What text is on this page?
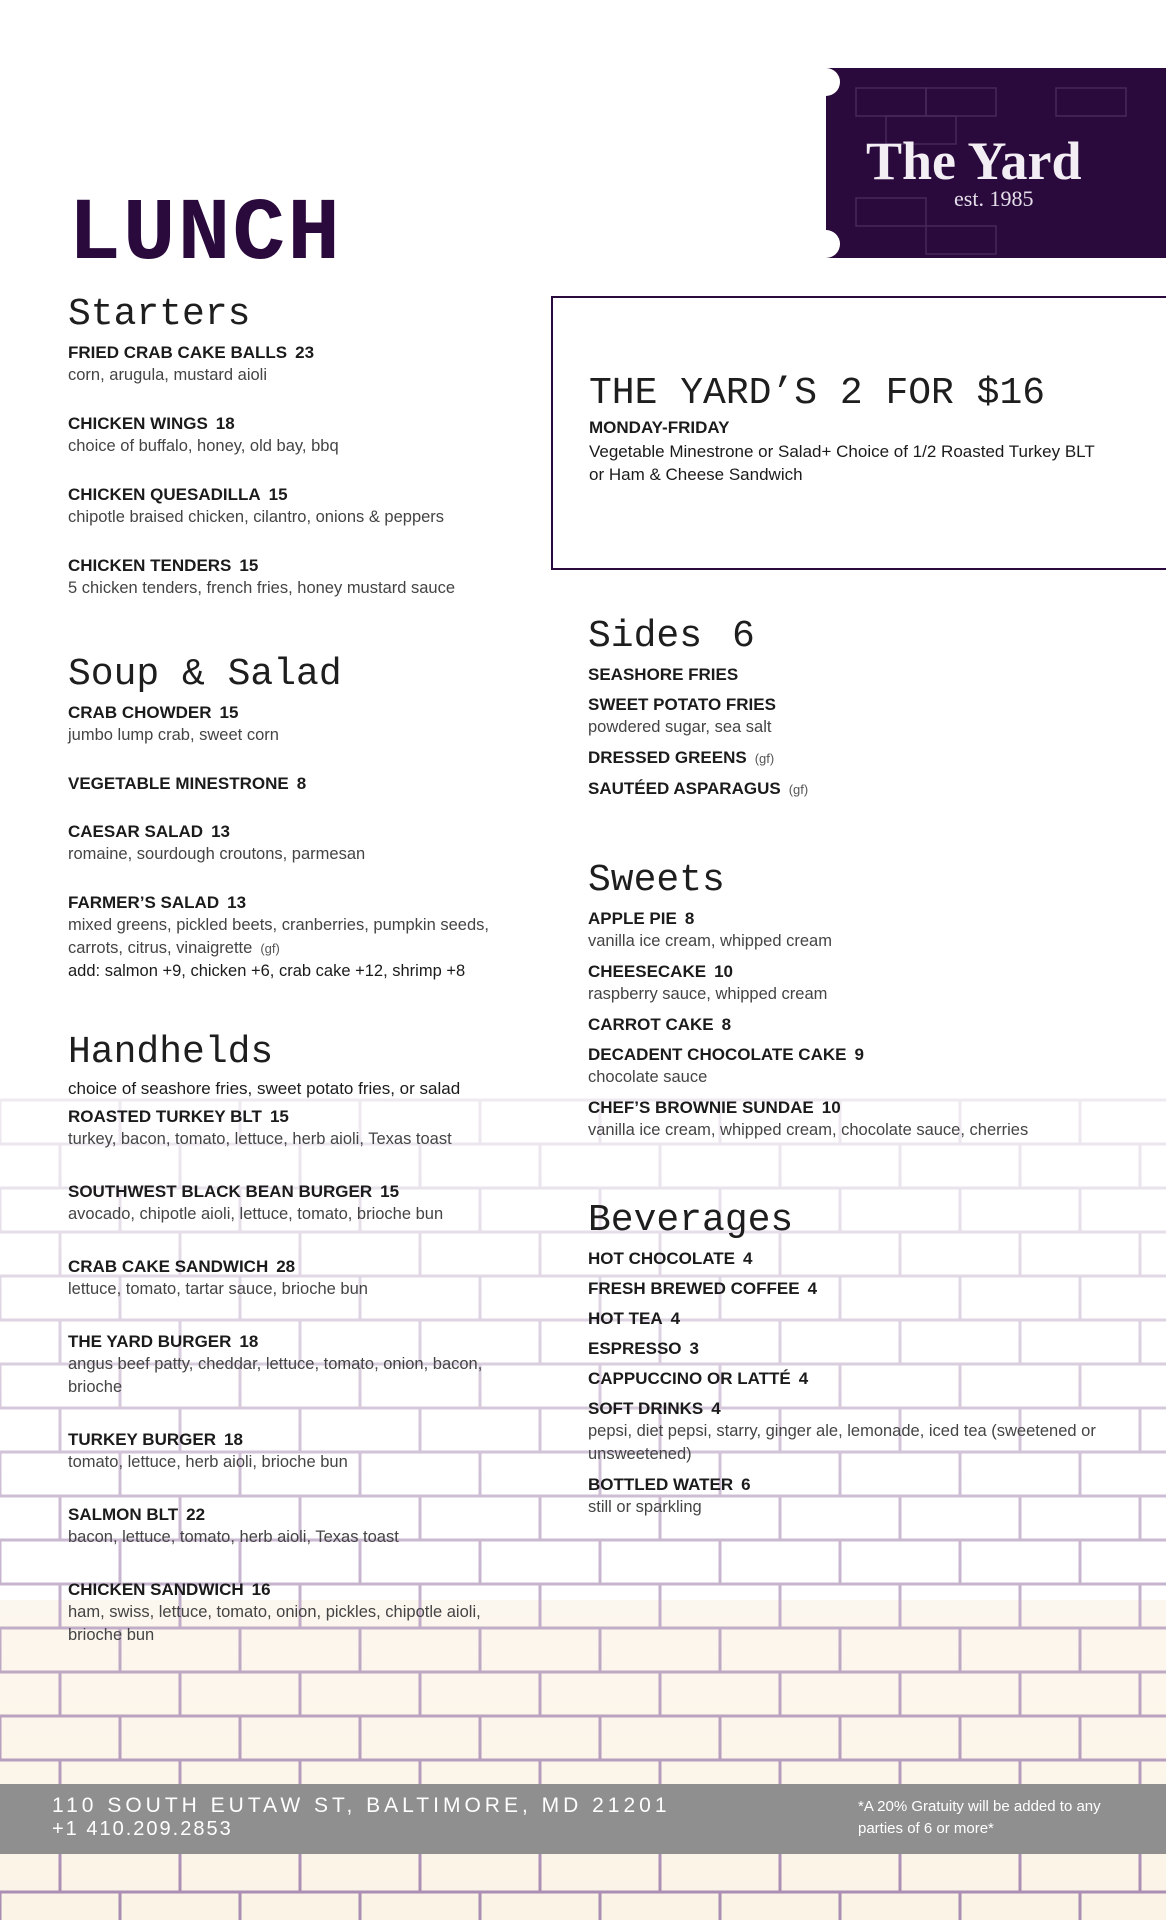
LUNCH
The Yard
est. 1985
THE YARD’S 2 FOR $16
MONDAY-FRIDAY
Vegetable Minestrone or Salad+ Choice of 1/2 Roasted Turkey BLT or Ham & Cheese Sandwich
Starters
FRIED CRAB CAKE BALLS 23
corn, arugula, mustard aioli
CHICKEN WINGS 18
choice of buffalo, honey, old bay, bbq
CHICKEN QUESADILLA 15
chipotle braised chicken, cilantro, onions & peppers
CHICKEN TENDERS 15
5 chicken tenders, french fries, honey mustard sauce
Soup & Salad
CRAB CHOWDER 15
jumbo lump crab, sweet corn
VEGETABLE MINESTRONE 8
CAESAR SALAD 13
romaine, sourdough croutons, parmesan
FARMER’S SALAD 13
mixed greens, pickled beets, cranberries, pumpkin seeds, carrots, citrus, vinaigrette (gf)
add: salmon +9, chicken +6, crab cake +12, shrimp +8
Handhelds
choice of seashore fries, sweet potato fries, or salad
ROASTED TURKEY BLT 15
turkey, bacon, tomato, lettuce, herb aioli, Texas toast
SOUTHWEST BLACK BEAN BURGER 15
avocado, chipotle aioli, lettuce, tomato, brioche bun
CRAB CAKE SANDWICH 28
lettuce, tomato, tartar sauce, brioche bun
THE YARD BURGER 18
angus beef patty, cheddar, lettuce, tomato, onion, bacon, brioche
TURKEY BURGER 18
tomato, lettuce, herb aioli, brioche bun
SALMON BLT 22
bacon, lettuce, tomato, herb aioli, Texas toast
CHICKEN SANDWICH 16
ham, swiss, lettuce, tomato, onion, pickles, chipotle aioli, brioche bun
Sides 6
SEASHORE FRIES
SWEET POTATO FRIES
powdered sugar, sea salt
DRESSED GREENS (gf)
SAUTÉED ASPARAGUS (gf)
Sweets
APPLE PIE 8
vanilla ice cream, whipped cream
CHEESECAKE 10
raspberry sauce, whipped cream
CARROT CAKE 8
DECADENT CHOCOLATE CAKE 9
chocolate sauce
CHEF’S BROWNIE SUNDAE 10
vanilla ice cream, whipped cream, chocolate sauce, cherries
Beverages
HOT CHOCOLATE 4
FRESH BREWED COFFEE 4
HOT TEA 4
ESPRESSO 3
CAPPUCCINO OR LATTÉ 4
SOFT DRINKS 4
pepsi, diet pepsi, starry, ginger ale, lemonade, iced tea (sweetened or unsweetened)
BOTTLED WATER 6
still or sparkling
110 SOUTH EUTAW ST, BALTIMORE, MD 21201
+1 410.209.2853
*A 20% Gratuity will be added to any parties of 6 or more*
